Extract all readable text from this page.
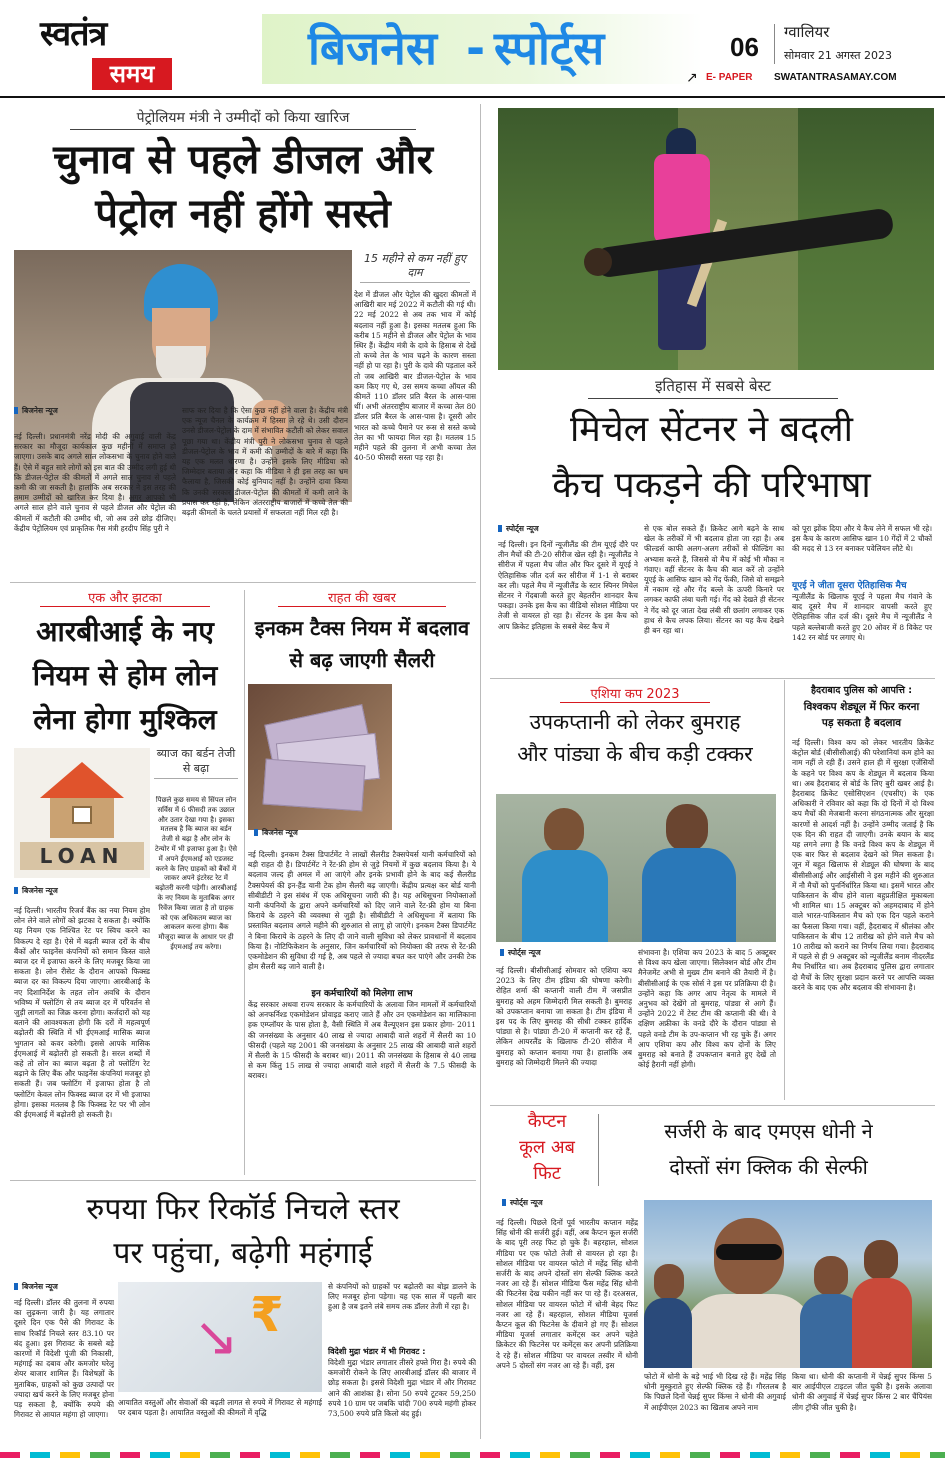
स्वतंत्र
समय	बिजनेस - स्पोर्ट्स	06 ग्वालियर
सोमवार 21 अगस्त 2023
↗ E- PAPER SWATANTRASAMAY.COM
पेट्रोलियम मंत्री ने उम्मीदों को किया खारिज
चुनाव से पहले डीजल और
पेट्रोल नहीं होंगे सस्ते
15 महीने से कम नहीं हुए दाम
देश में डीजल और पेट्रोल की खुदरा कीमतों में आखिरी बार मई 2022 में कटौती की गई थी। 22 मई 2022 से अब तक भाव में कोई बदलाव नहीं हुआ है। इसका मतलब हुआ कि करीब 15 महीने से डीजल और पेट्रोल के भाव स्थिर हैं। केंद्रीय मंत्री के दावे के हिसाब से देखें तो कच्चे तेल के भाव चढ़ने के कारण सस्ता नहीं हो पा रहा है। पुरी के दावे की पड़ताल करें तो जब आखिरी बार डीजल-पेट्रोल के भाव कम किए गए थे, उस समय कच्चा ऑयल की कीमतें 110 डॉलर प्रति बैरल के आस-पास थीं। अभी अंतरराष्ट्रीय बाजार में कच्चा तेल 80 डॉलर प्रति बैरल के आस-पास है। दूसरी ओर भारत को कच्चे पैमाने पर रूस से सस्ते कच्चे तेल का भी फायदा मिल रहा है। मतलब 15 महीने पहले की तुलना में अभी कच्चा तेल 40-50 फीसदी सस्ता पड़ रहा है।
बिजनेस न्यूज
नई दिल्ली। प्रधानमंत्री नरेंद्र मोदी की अगुवाई वाली केंद्र सरकार का मौजूदा कार्यकाल कुछ महीनों में समाप्त हो जाएगा। उसके बाद अगले साल लोकसभा के चुनाव होने वाले हैं। ऐसे में बहुत सारे लोगों को इस बात की उम्मीद लगी हुई थी कि डीजल-पेट्रोल की कीमतों में अगले साल चुनाव से पहले कमी की जा सकती है। हालांकि अब सरकार ने इस तरह की तमाम उम्मीदों को खारिज कर दिया है। अगर आपको भी अगले साल होने वाले चुनाव से पहले डीजल और पेट्रोल की कीमतों में कटौती की उम्मीद थी, जो अब उसे छोड़ दीजिए। केंद्रीय पेट्रोलियम एवं प्राकृतिक गैस मंत्री हरदीप सिंह पुरी ने
साफ कर दिया है कि ऐसा कुछ नहीं होने वाला है। केंद्रीय मंत्री एक न्यूज चैनल के कार्यक्रम में हिस्सा ले रहे थे। उसी दौरान उनसे डीजल-पेट्रोल के दाम में संभावित कटौती को लेकर सवाल पूछा गया था। केंद्रीय मंत्री पुरी ने लोकसभा चुनाव से पहले डीजल-पेट्रोल के भाव में कमी की उम्मीदों के बारे में कहा कि यह एक मलत धारणा है। उन्होंने इसके लिए मीडिया को जिम्मेदार बताया और कहा कि मीडिया ने ही इस तरह का भ्रम फैलाया है, जिसकी कोई बुनियाद नहीं है। उन्होंने दावा किया कि उनकी सरकार डीजल-पेट्रोल की कीमतों में कमी लाने के प्रयास कर रही है, लेकिन अंतरराष्ट्रीय बाजारों में कच्चे तेल की बढ़ती कीमतों के चलते प्रयासों में सफलता नहीं मिल रही है।
एक और झटका
आरबीआई के नए नियम से होम लोन लेना होगा मुश्किल
LOAN
ब्याज का बर्डन तेजी से बढ़ा
पिछले कुछ समय से सिंपल लोन सर्विस में 6 फीसदी तक उछाल और उतार देखा गया है। इसका मतलब है कि ब्याज का बर्डन तेजी से बढ़ा है और लोन के टेन्योर में भी इजाफा हुआ है। ऐसे में अपने ईएमआई को एडजस्ट करने के लिए ग्राहकों को बैंकों में जाकर अपने इंटरेस्ट रेट में बढ़ोतरी करनी पड़ेगी। आरबीआई के नए नियम के मुताबिक अगर रिवेंज किया जाता है तो ग्राहक को एक अधिकतम ब्याज का आकलन करना होगा। बैंक मौजूदा ब्याज के आधार पर ही ईएमआई तय करेगा।
बिजनेस न्यूज
नई दिल्ली। भारतीय रिजर्व बैंक का नया नियम होम लोन लेने वाले लोगों को झटका दे सकता है। क्योंकि यह नियम एक निश्चित रेट पर स्विच करने का विकल्प दे रहा है। ऐसे में बढ़ती ब्याज दरों के बीच बैंकों और फाइनेंस कंपनियों को समान किस्त वाले ब्याज दर में इजाफा करने के लिए मजबूर किया जा सकता है। लोन रीसेट के दौरान आपको फिक्स्ड ब्याज दर का विकल्प दिया जाएगा। आरबीआई के नए दिशानिर्देश के तहत लोन अवधि के दौरान भविष्य में फ्लोटिंग से तय ब्याज दर में परिवर्तन से जुड़ी लागतों का जिक्र करना होगा। कर्जदारों को यह बताने की आवश्यकता होगी कि दरों में महत्वपूर्ण बढ़ोतरी की स्थिति में भी ईएमआई मासिक ब्याज भुगतान को कवर करेगी। इससे आपके मासिक ईएमआई में बढ़ोतरी हो सकती है। सरल शब्दों में कहे तो लोन का ब्याज बढ़ता है तो फ्लोटिंग रेट बढ़ाने के लिए बैंक और फाइनेंस कंपनियां मजबूर हो सकती हैं। जब फ्लोटिंग में इजाफा होता है तो फ्लोटिंग केवल लोन फिक्स्ड ब्याज दर में भी इजाफा होगा। इसका मतलब है कि फिक्स्ड रेट पर भी लोन की ईएमआई में बढ़ोतरी हो सकती है।
राहत की खबर
इनकम टैक्स नियम में बदलाव से बढ़ जाएगी सैलरी
बिजनेस न्यूज
नई दिल्ली। इनकम टैक्स डिपार्टमेंट ने लाखों सैलरीड टैक्सपेयर्स यानी कर्मचारियों को बड़ी राहत दी है। डिपार्टमेंट ने रेंट-फ्री होम से जुड़े नियमों में कुछ बदलाव किया है। ये बदलाव जल्द ही अमल में आ जाएंगे और इनके प्रभावी होने के बाद कई सैलरीड टैक्सपेयर्स की इन-हैंड यानी टेक होम सैलरी बढ़ जाएगी। केंद्रीय प्रत्यक्ष कर बोर्ड यानी सीबीडीटी ने इस संबंध में एक अधिसूचना जारी की है। यह अधिसूचना नियोक्ताओं यानी कंपनियों के द्वारा अपने कर्मचारियों को दिए जाने वाले रेंट-फ्री होम या बिना किराये के ठहरने की व्यवस्था से जुड़ी है। सीबीडीटी ने अधिसूचना में बताया कि प्रस्तावित बदलाव अगले महीने की शुरुआत से लागू हो जाएंगे। इनकम टैक्स डिपार्टमेंट ने बिना किराये के ठहरने के लिए दी जाने वाली सुविधा को लेकर प्रावधानों में बदलाव किया है। नोटिफिकेशन के अनुसार, जिन कर्मचारियों को नियोक्ता की तरफ से रेंट-फ्री एकमोडेशन की सुविधा दी गई है, अब पहले से ज्यादा बचत कर पाएंगे और उनकी टेक होम सैलरी बढ़ जाने वाली है।
इन कर्मचारियों को मिलेगा लाभ
केंद्र सरकार अथवा राज्य सरकार के कर्मचारियों के अलावा जिन मामलों में कर्मचारियों को अनफर्निश्ड एकमोडेशन प्रोवाइड कराए जाते हैं और उन एकमोडेशन का मालिकाना हक एम्प्लॉयर के पास होता है, वैसी स्थिति में अब वैल्यूएशन इस प्रकार होगा- 2011 की जनसंख्या के अनुसार 40 लाख से ज्यादा आबादी वाले शहरों में सैलरी का 10 फीसदी (पहले यह 2001 की जनसंख्या के अनुसार 25 लाख की आबादी वाले शहरों में सैलरी के 15 फीसदी के बराबर था)। 2011 की जनसंख्या के हिसाब से 40 लाख से कम किंतु 15 लाख से ज्यादा आबादी वाले शहरों में सैलरी के 7.5 फीसदी के बराबर।
रुपया फिर रिकॉर्ड निचले स्तर
पर पहुंचा, बढ़ेगी महंगाई
बिजनेस न्यूज
नई दिल्ली। डॉलर की तुलना में रुपया का लुढ़कना जारी है। यह लगातार दूसरे दिन एक पैसे की गिरावट के साथ रिकॉर्ड निचले स्तर 83.10 पर बंद हुआ। इस गिरावट के सबसे बड़े कारणों में विदेशी पूंजी की निकासी, महंगाई का दबाव और कमजोर घरेलू शेयर बाजार शामिल हैं। विशेषज्ञों के मुताबिक, ग्राहकों को कुछ उत्पादों पर ज्यादा खर्च करने के लिए मजबूर होना पड़ सकता है, क्योंकि रुपये की गिरावट से आयात महंगा हो जाएगा।
₹
↘
आयातित वस्तुओं और सेवाओं की बढ़ती लागत से रुपये में गिरावट से महंगाई पर दबाव पड़ता है। आयातित वस्तुओं की कीमतों में वृद्धि
से कंपनियों को ग्राहकों पर बढ़ोतरी का बोझ डालने के लिए मजबूर होना पड़ेगा। यह एक साल में पहली बार हुआ है जब इतने लंबे समय तक डॉलर तेजी में रहा है।
विदेशी मुद्रा भंडार में भी गिरावट :
विदेशी मुद्रा भंडार लगातार तीसरे हफ्ते गिरा है। रुपये की कमजोरी रोकने के लिए आरबीआई डॉलर की बाजार में छोड़ सकता है। इससे विदेशी मुद्रा भंडार में और गिरावट आने की आशंका है। सोना 50 रुपये टूटकर 59,250 रुपये 10 ग्राम पर जबकि चांदी 700 रुपये महंगी होकर 73,500 रुपये प्रति किलो बंद हुई।
इतिहास में सबसे बेस्ट
मिचेल सेंटनर ने बदली
कैच पकड़ने की परिभाषा
स्पोर्ट्स न्यूज
नई दिल्ली। इन दिनों न्यूजीलैंड की टीम यूएई दौरे पर तीन मैचों की टी-20 सीरीज खेल रही है। न्यूजीलैंड ने सीरीज में पहला मैच जीत और फिर दूसरे में यूएई ने ऐतिहासिक जीत दर्ज कर सीरीज में 1-1 से बराबर कर ली। पहले मैच में न्यूजीलैंड के स्टार स्पिनर मिचेल सेंटनर ने गेंदबाजी करते हुए बेहतरीन शानदार कैच पकड़ा। उनके इस कैच का वीडियो सोशल मीडिया पर तेजी से वायरल हो रहा है। सेंटनर के इस कैच को आप क्रिकेट इतिहास के सबसे बेस्ट कैच में
से एक बोल सकते हैं। क्रिकेट आगे बढ़ने के साथ खेल के तरीकों में भी बदलाव होता जा रहा है। अब फील्डर्स काफी अलग-अलग तरीकों से फील्डिंग का अभ्यास करते हैं, जिससे वो मैच में कोई भी मौका न गंवाए। वहीं सेंटनर के कैच की बात करें तो उन्होंने यूएई के आसिफ खान को गेंद फेंकी, जिसे वो समझने में नकाम रहे और गेंद बल्ले के ऊपरी किनारे पर लगकर काफी लंबा चली गई। गेंद को देखते ही सेंटनर ने गेंद को दूर जाता देख लंबी सी छलांग लगाकर एक हाथ से कैच लपक लिया। सेंटनर का यह कैच देखने ही बन रहा था।
को पूरा झोंक दिया और ये कैच लेने में सफल भी रहे। इस कैच के कारण आसिफ खान 10 गेंदों में 2 चौकों की मदद से 13 रन बनाकर पवेलियन लौटे थे।
यूएई ने जीता दूसरा ऐतिहासिक मैच
न्यूजीलैंड के खिलाफ यूएई ने पहला मैच गंवाने के बाद दूसरे मैच में शानदार वापसी करते हुए ऐतिहासिक जीत दर्ज की। दूसरे मैच में न्यूजीलैंड ने पहले बल्लेबाजी करते हुए 20 ओवर में 8 विकेट पर 142 रन बोर्ड पर लगाए थे।
एशिया कप 2023
उपकप्तानी को लेकर बुमराह
और पांड्या के बीच कड़ी टक्कर
स्पोर्ट्स न्यूज
नई दिल्ली। बीसीसीआई सोमवार को एशिया कप 2023 के लिए टीम इंडिया की घोषणा करेगी। रोहित शर्मा की कप्तानी वाली टीम में जसप्रीत बुमराह को अहम जिम्मेदारी मिल सकती है। बुमराह को उपकप्तान बनाया जा सकता है। टीम इंडिया में इस पद के लिए बुमराह की सीधी टक्कर हार्दिक पांड्या से है। पांड्या टी-20 में कप्तानी कर रहे हैं, लेकिन आयरलैंड के खिलाफ टी-20 सीरीज में बुमराह को कप्तान बनाया गया है। हालांकि अब बुमराह को जिम्मेदारी मिलने की ज्यादा
संभावना है। एशिया कप 2023 के बाद 5 अक्टूबर से विश्व कप खेला जाएगा। सिलेक्शन बोर्ड और टीम मैनेजमेंट अभी से मुख्य टीम बनाने की तैयारी में है। बीसीसीआई के एक सोर्स ने इस पर प्रतिक्रिया दी है। उन्होंने कहा कि अगर आप नेतृत्व के मामले में अनुभव को देखेंगे तो बुमराह, पांड्या से आगे हैं। उन्होंने 2022 में टेस्ट टीम की कप्तानी की थी। वे दक्षिण अफ्रीका के वनडे दौरे के दौरान पांड्या से पहले वनडे टीम के उप-कप्तान भी रह चुके हैं। अगर आप एशिया कप और विश्व कप दोनों के लिए बुमराह को बनाते हैं उपकप्तान बनाते हुए देखें तो कोई हैरानी नहीं होगी।
हैदराबाद पुलिस को आपत्ति :
विश्वकप शेड्यूल में फिर करना
पड़ सकता है बदलाव
नई दिल्ली। विश्व कप को लेकर भारतीय क्रिकेट कंट्रोल बोर्ड (बीसीसीआई) की परेशानियां कम होने का नाम नहीं ले रही हैं। उसने हाल ही में सुरक्षा एजेंसियों के कहने पर विश्व कप के शेड्यूल में बदलाव किया था। अब हैदराबाद से बोर्ड के लिए बुरी खबर आई है। हैदराबाद क्रिकेट एसोसिएशन (एचसीए) के एक अधिकारी ने रविवार को कहा कि दो दिनों में दो विश्व कप मैचों की मेजबानी करना संगठनात्मक और सुरक्षा कारणों से आदर्श नहीं है। उन्होंने उम्मीद जताई है कि एक दिन की राहत दी जाएगी। उनके बयान के बाद यह लगने लगा है कि वनडे विश्व कप के शेड्यूल में एक बार फिर से बदलाव देखने को मिल सकता है। जून में बहुत खिलाफ से शेड्यूल की घोषणा के बाद बीसीसीआई और आईसीसी ने इस महीने की शुरुआत में नौ मैचों को पुनर्निर्धारित किया था। इसमें भारत और पाकिस्तान के बीच होने वाला बहुप्रतीक्षित मुकाबला भी शामिल था। 15 अक्टूबर को अहमदाबाद में होने वाले भारत-पाकिस्तान मैच को एक दिन पहले कराने का फैसला किया गया। वहीं, हैदराबाद में श्रीलंका और पाकिस्तान के बीच 12 तारीख को होने वाले मैच को 10 तारीख को कराने का निर्णय लिया गया। हैदराबाद में पहले से ही 9 अक्टूबर को न्यूजीलैंड बनाम नीदरलैंड मैच निर्धारित था। अब हैदराबाद पुलिस द्वारा लगातार दो मैचों के लिए सुरक्षा प्रदान करने पर आपत्ति व्यक्त करने के बाद एक और बदलाव की संभावना है।
कैप्टन
कूल अब
फिट
सर्जरी के बाद एमएस धोनी ने
दोस्तों संग क्लिक की सेल्फी
स्पोर्ट्स न्यूज
नई दिल्ली। पिछले दिनों पूर्व भारतीय कप्तान महेंद्र सिंह धोनी की सर्जरी हुई। वहीं, अब कैप्टन कूल सर्जरी के बाद पूरी तरह फिट हो चुके हैं। बहरहाल, सोशल मीडिया पर एक फोटो तेजी से वायरल हो रहा है। सोशल मीडिया पर वायरल फोटो में महेंद्र सिंह धोनी सर्जरी के बाद अपने दोस्तों संग सेल्फी क्लिक करते नजर आ रहे हैं। सोशल मीडिया फैंस महेंद्र सिंह धोनी की फिटनेस देख यकीन नहीं कर पा रहे हैं। दरअसल, सोशल मीडिया पर वायरल फोटो में धोनी बेहद फिट नजर आ रहे हैं। बहरहाल, सोशल मीडिया यूजर्स कैप्टन कूल की फिटनेस के दीवाने हो गए हैं। सोशल मीडिया यूजर्स लगातार कमेंट्स कर अपने चहेते क्रिकेटर की फिटनेस पर कमेंट्स कर अपनी प्रतिक्रिया दे रहे हैं। सोशल मीडिया पर वायरल तस्वीर में धोनी अपने 5 दोस्तों संग नजर आ रहे हैं। वहीं, इस
फोटो में धोनी के बड़े भाई भी दिख रहे हैं। महेंद्र सिंह धोनी मुस्कुराते हुए सेल्फी क्लिक रहे हैं। गौरतलब है कि पिछले दिनों चेन्नई सुपर किंग्स ने धोनी की अगुवाई में आईपीएल 2023 का खिताब अपने नाम
किया था। धोनी की कप्तानी में चेन्नई सुपर किंग्स 5 बार आईपीएल टाइटल जीत चुकी है। इसके अलावा धोनी की अगुवाई में चेन्नई सुपर किंग्स 2 बार चैंपियंस लीग ट्रॉफी जीत चुकी है।
